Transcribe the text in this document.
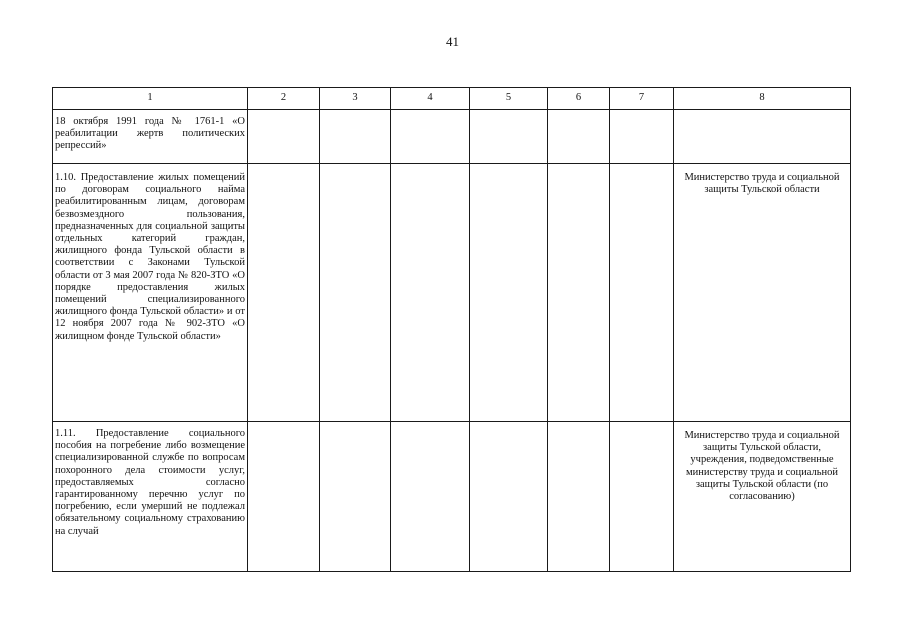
41
1	2	3	4	5	6	7	8
18 октября 1991 года № 1761-1 «О реабилитации жертв политических репрессий»							
1.10. Предоставление жилых помещений по договорам социального найма реабилитированным лицам, договорам безвозмездного пользования, предназначенных для социальной защиты отдельных категорий граждан, жилищного фонда Тульской области в соответствии с Законами Тульской области от 3 мая 2007 года № 820-ЗТО «О порядке предоставления жилых помещений специализированного жилищного фонда Тульской области» и от 12 ноября 2007 года № 902-ЗТО «О жилищном фонде Тульской области»							Министерство труда и социальной защиты Тульской области
1.11. Предоставление социального пособия на погребение либо возмещение специализированной службе по вопросам похоронного дела стоимости услуг, предоставляемых согласно гарантированному перечню услуг по погребению, если умерший не подлежал обязательному социальному страхованию на случай							Министерство труда и социальной защиты Тульской области, учреждения, подведомственные министерству труда и социальной защиты Тульской области (по согласованию)
